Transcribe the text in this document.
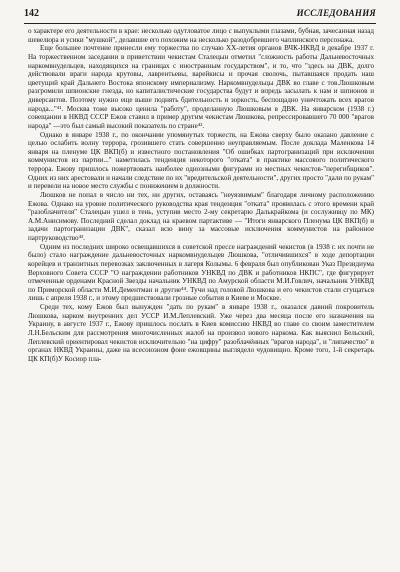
142	ИССЛЕДОВАНИЯ

о характере его деятельности в крае: несколько одутловатое лицо с выпуклыми глазами, бубная, зачесанная назад шевелюра и усики "мушкой", делавшие его похожим на несколько разодобревшего чаплинского персонажа.

Еще большее почтение принесли ему торжества по случаю ХХ-летия органов ВЧК-НКВД в декабре 1937 г. На торжественном заседании в приветствии чекистам Сталецын отметил "сложность работы Дальневосточных наркомвнудельцев, находящихся на границах с иностранным государством", и то, что "здесь на ДВК, долго действовали враги народа крутовы, лаврентьевы, варейкисы и прочая сволочь, пытавшаяся продать наш цветущий край Дальнего Востока японскому империализму. Наркомвнудельцы ДВК во главе с тов.Люшковым разгромили шпионские гнезда, но капиталистические государства будут и впредь засылать к нам и шпионов и диверсантов. Поэтому нужно еще выше поднять бдительность и зоркость, беспощадно уничтожать всех врагов народа..."⁴¹. Москва тоже высоко ценила "работу", проделанную Люшковым в ДВК. На январском (1938 г.) совещании в НКВД СССР Ежов ставил в пример другим чекистам Люшкова, репрессировавшего 70 000 "врагов народа" —это был самый высокий показатель по стране⁴².

Однако в январе 1938 г., по окончании упомянутых торжеств, на Ежова сверху было оказано давление с целью ослабить волну террора, грозившего стать совершенно неуправляемым. После доклада Маленкова 14 января на пленуме ЦК ВКП(б) и известного постановления "Об ошибках партогранизаций при исключении коммунистов из партии..." наметилась тенденция некоторого "отката" в практике массового политического террора. Ежову пришлось пожертвовать наиболее одиозными фигурами из местных чекистов-"перегибщиков". Одних из них арестовали и начали следствие по их "вредительской деятельности", других просто "дали по рукам" и перевели на новое место службы с понижением в должности.

Люшков не попал в число ни тех, ни других, оставаясь "неуязвимым" благодаря личному расположению Ежова. Однако на уровне политического руководства края тенденция "отката" проявилась с этого времени край "разоблачителя" Сталецын ушел в тень, уступив место 2-му секретарю Далькрайкома (и сослуживцу по МК) А.М.Анисимову. Последний сделал доклад на краевом партактиве — "Итоги январского Пленума ЦК ВКП(б) и задачи партогранизации ДВК", сказал всю вину за массовые исключения коммунистов на районное партруководство⁴³.

Одним из последних широко освещавшихся в советской прессе награждений чекистов (в 1938 г. их почти не было) стало награждение дальневосточных наркомвнудельцев Люшкова, "отличившихся" в ходе депортации корейцев и транзитных перевозках заключенных в лагеря Колымы. 6 февраля был опубликован Указ Президиума Верховного Совета СССР "О награждении работников УНКВД по ДВК и работников НКПС", где фигурирует отмеченные орденами Красной Звезды начальник УНКВД по Амурской области М.И.Говлич, начальник УНКВД по Приморской области М.И.Дементман и другие⁴⁴. Тучи над головой Люшкова и его чекистов стали сгущаться лишь с апреля 1938 г., и этому предшествовали грозные события в Киеве и Москве.

Среди тех, кому Ежов был вынужден "дать по рукам" в январе 1938 г., оказался давний покровитель Люшкова, нарком внутренних дел УССР И.М.Леплевский. Уже через два месяца после его назначения на Украину, в августе 1937 г., Ежову пришлось послать в Киев комиссию НКВД во главе со своим заместителем Л.Н.Бельским для рассмотрения многочисленных жалоб на произвол нового наркома. Как выяснил Бельский, Леплевский ориентировал чекистов исключительно "на цифру" разоблачённых "врагов народа", и "липачество" в органах НКВД Украины, даже на всесоюзном фоне ежовщины выглядело чудовищно. Кроме того, 1-й секретарь ЦК КП(б)У Косиор пла-
